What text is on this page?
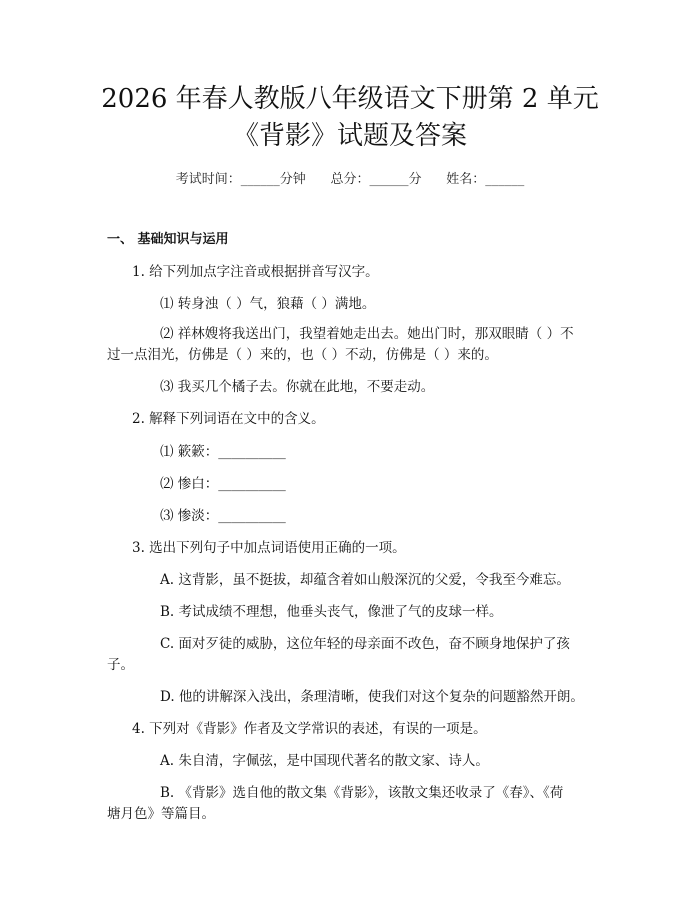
2026 年春人教版八年级语文下册第 2 单元
《背影》试题及答案
考试时间：______分钟      总分：______分      姓名：______
一、 基础知识与运用
1. 给下列加点字注音或根据拼音写汉字。
⑴ 转身浊（ ）气，狼藉（ ）满地。
⑵ 祥林嫂将我送出门，我望着她走出去。她出门时，那双眼睛（ ）不
过一点泪光，仿佛是（ ）来的，也（ ）不动，仿佛是（ ）来的。
⑶ 我买几个橘子去。你就在此地，不要走动。
2. 解释下列词语在文中的含义。
⑴ 簌簌：__________
⑵ 惨白：__________
⑶ 惨淡：__________
3. 选出下列句子中加点词语使用正确的一项。
A. 这背影，虽不挺拔，却蕴含着如山般深沉的父爱，令我至今难忘。
B. 考试成绩不理想，他垂头丧气，像泄了气的皮球一样。
C. 面对歹徒的威胁，这位年轻的母亲面不改色，奋不顾身地保护了孩
子。
D. 他的讲解深入浅出，条理清晰，使我们对这个复杂的问题豁然开朗。
4. 下列对《背影》作者及文学常识的表述，有误的一项是。
A. 朱自清，字佩弦，是中国现代著名的散文家、诗人。
B. 《背影》选自他的散文集《背影》，该散文集还收录了《春》、《荷
塘月色》等篇目。
